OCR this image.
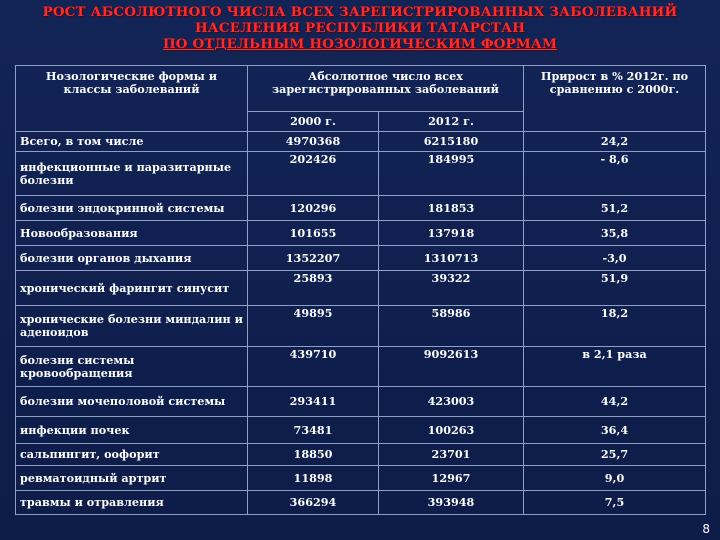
РОСТ АБСОЛЮТНОГО ЧИСЛА ВСЕХ ЗАРЕГИСТРИРОВАННЫХ ЗАБОЛЕВАНИЙ
НАСЕЛЕНИЯ РЕСПУБЛИКИ ТАТАРСТАН
ПО ОТДЕЛЬНЫМ НОЗОЛОГИЧЕСКИМ ФОРМАМ
Нозологические формы и классы заболеваний	Абсолютное число всех зарегистрированных заболеваний		Прирост в % 2012г. по сравнению с 2000г.
	2000 г.	2012 г.	
Всего, в том числе	4970368	6215180	24,2
инфекционные и паразитарные болезни	202426	184995	- 8,6
болезни эндокринной системы	120296	181853	51,2
Новообразования	101655	137918	35,8
болезни органов дыхания	1352207	1310713	-3,0
хронический фарингит синусит	25893	39322	51,9
хронические болезни миндалин и аденоидов	49895	58986	18,2
болезни системы кровообращения	439710	9092613	в 2,1 раза
болезни мочеполовой системы	293411	423003	44,2
инфекции почек	73481	100263	36,4
сальпингит, оофорит	18850	23701	25,7
ревматоидный артрит	11898	12967	9,0
травмы и отравления	366294	393948	7,5
8
